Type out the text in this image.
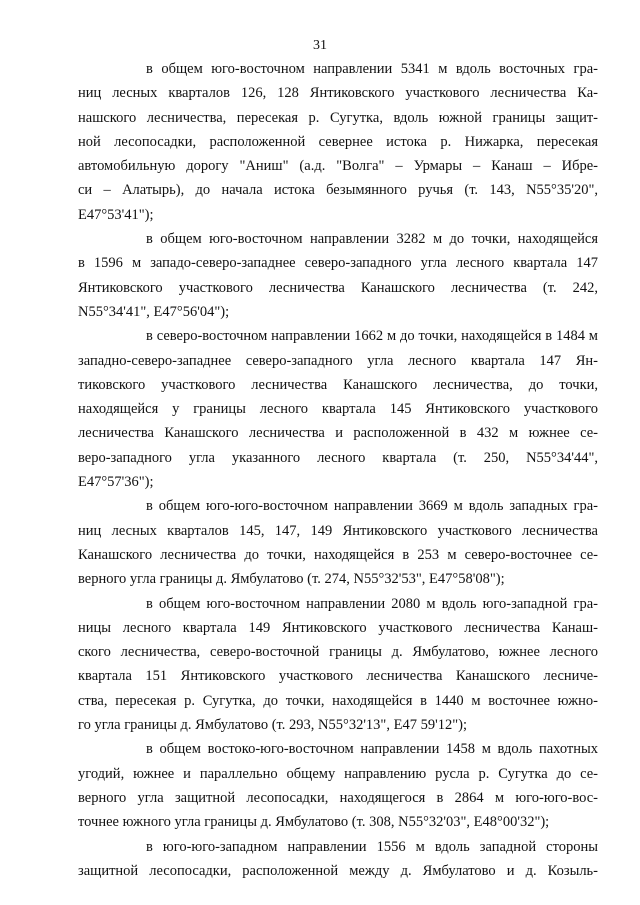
31

в общем юго-восточном направлении 5341 м вдоль восточных гра-
ниц лесных кварталов 126, 128 Янтиковского участкового лесничества Ка-
нашского лесничества, пересекая р. Сугутка, вдоль южной границы защит-
ной лесопосадки, расположенной севернее истока р. Нижарка, пересекая
автомобильную дорогу "Аниш" (а.д. "Волга" – Урмары – Канаш – Ибре-
си – Алатырь), до начала истока безымянного ручья (т. 143, N55°35'20",
E47°53'41");

в общем юго-восточном направлении 3282 м до точки, находящейся
в 1596 м западо-северо-западнее северо-западного угла лесного квартала 147
Янтиковского участкового лесничества Канашского лесничества (т. 242,
N55°34'41", E47°56'04");

в северо-восточном направлении 1662 м до точки, находящейся в 1484 м
западно-северо-западнее северо-западного угла лесного квартала 147 Ян-
тиковского участкового лесничества Канашского лесничества, до точки,
находящейся у границы лесного квартала 145 Янтиковского участкового
лесничества Канашского лесничества и расположенной в 432 м южнее се-
веро-западного угла указанного лесного квартала (т. 250, N55°34'44",
E47°57'36");

в общем юго-юго-восточном направлении 3669 м вдоль западных гра-
ниц лесных кварталов 145, 147, 149 Янтиковского участкового лесничества
Канашского лесничества до точки, находящейся в 253 м северо-восточнее се-
верного угла границы д. Ямбулатово (т. 274, N55°32'53", E47°58'08");

в общем юго-восточном направлении 2080 м вдоль юго-западной гра-
ницы лесного квартала 149 Янтиковского участкового лесничества Канаш-
ского лесничества, северо-восточной границы д. Ямбулатово, южнее лесного
квартала 151 Янтиковского участкового лесничества Канашского лесниче-
ства, пересекая р. Сугутка, до точки, находящейся в 1440 м восточнее южно-
го угла границы д. Ямбулатово (т. 293, N55°32'13", E47 59'12");

в общем востоко-юго-восточном направлении 1458 м вдоль пахотных
угодий, южнее и параллельно общему направлению русла р. Сугутка до се-
верного угла защитной лесопосадки, находящегося в 2864 м юго-юго-вос-
точнее южного угла границы д. Ямбулатово (т. 308, N55°32'03", E48°00'32");

в юго-юго-западном направлении 1556 м вдоль западной стороны
защитной лесопосадки, расположенной между д. Ямбулатово и д. Козыль-
